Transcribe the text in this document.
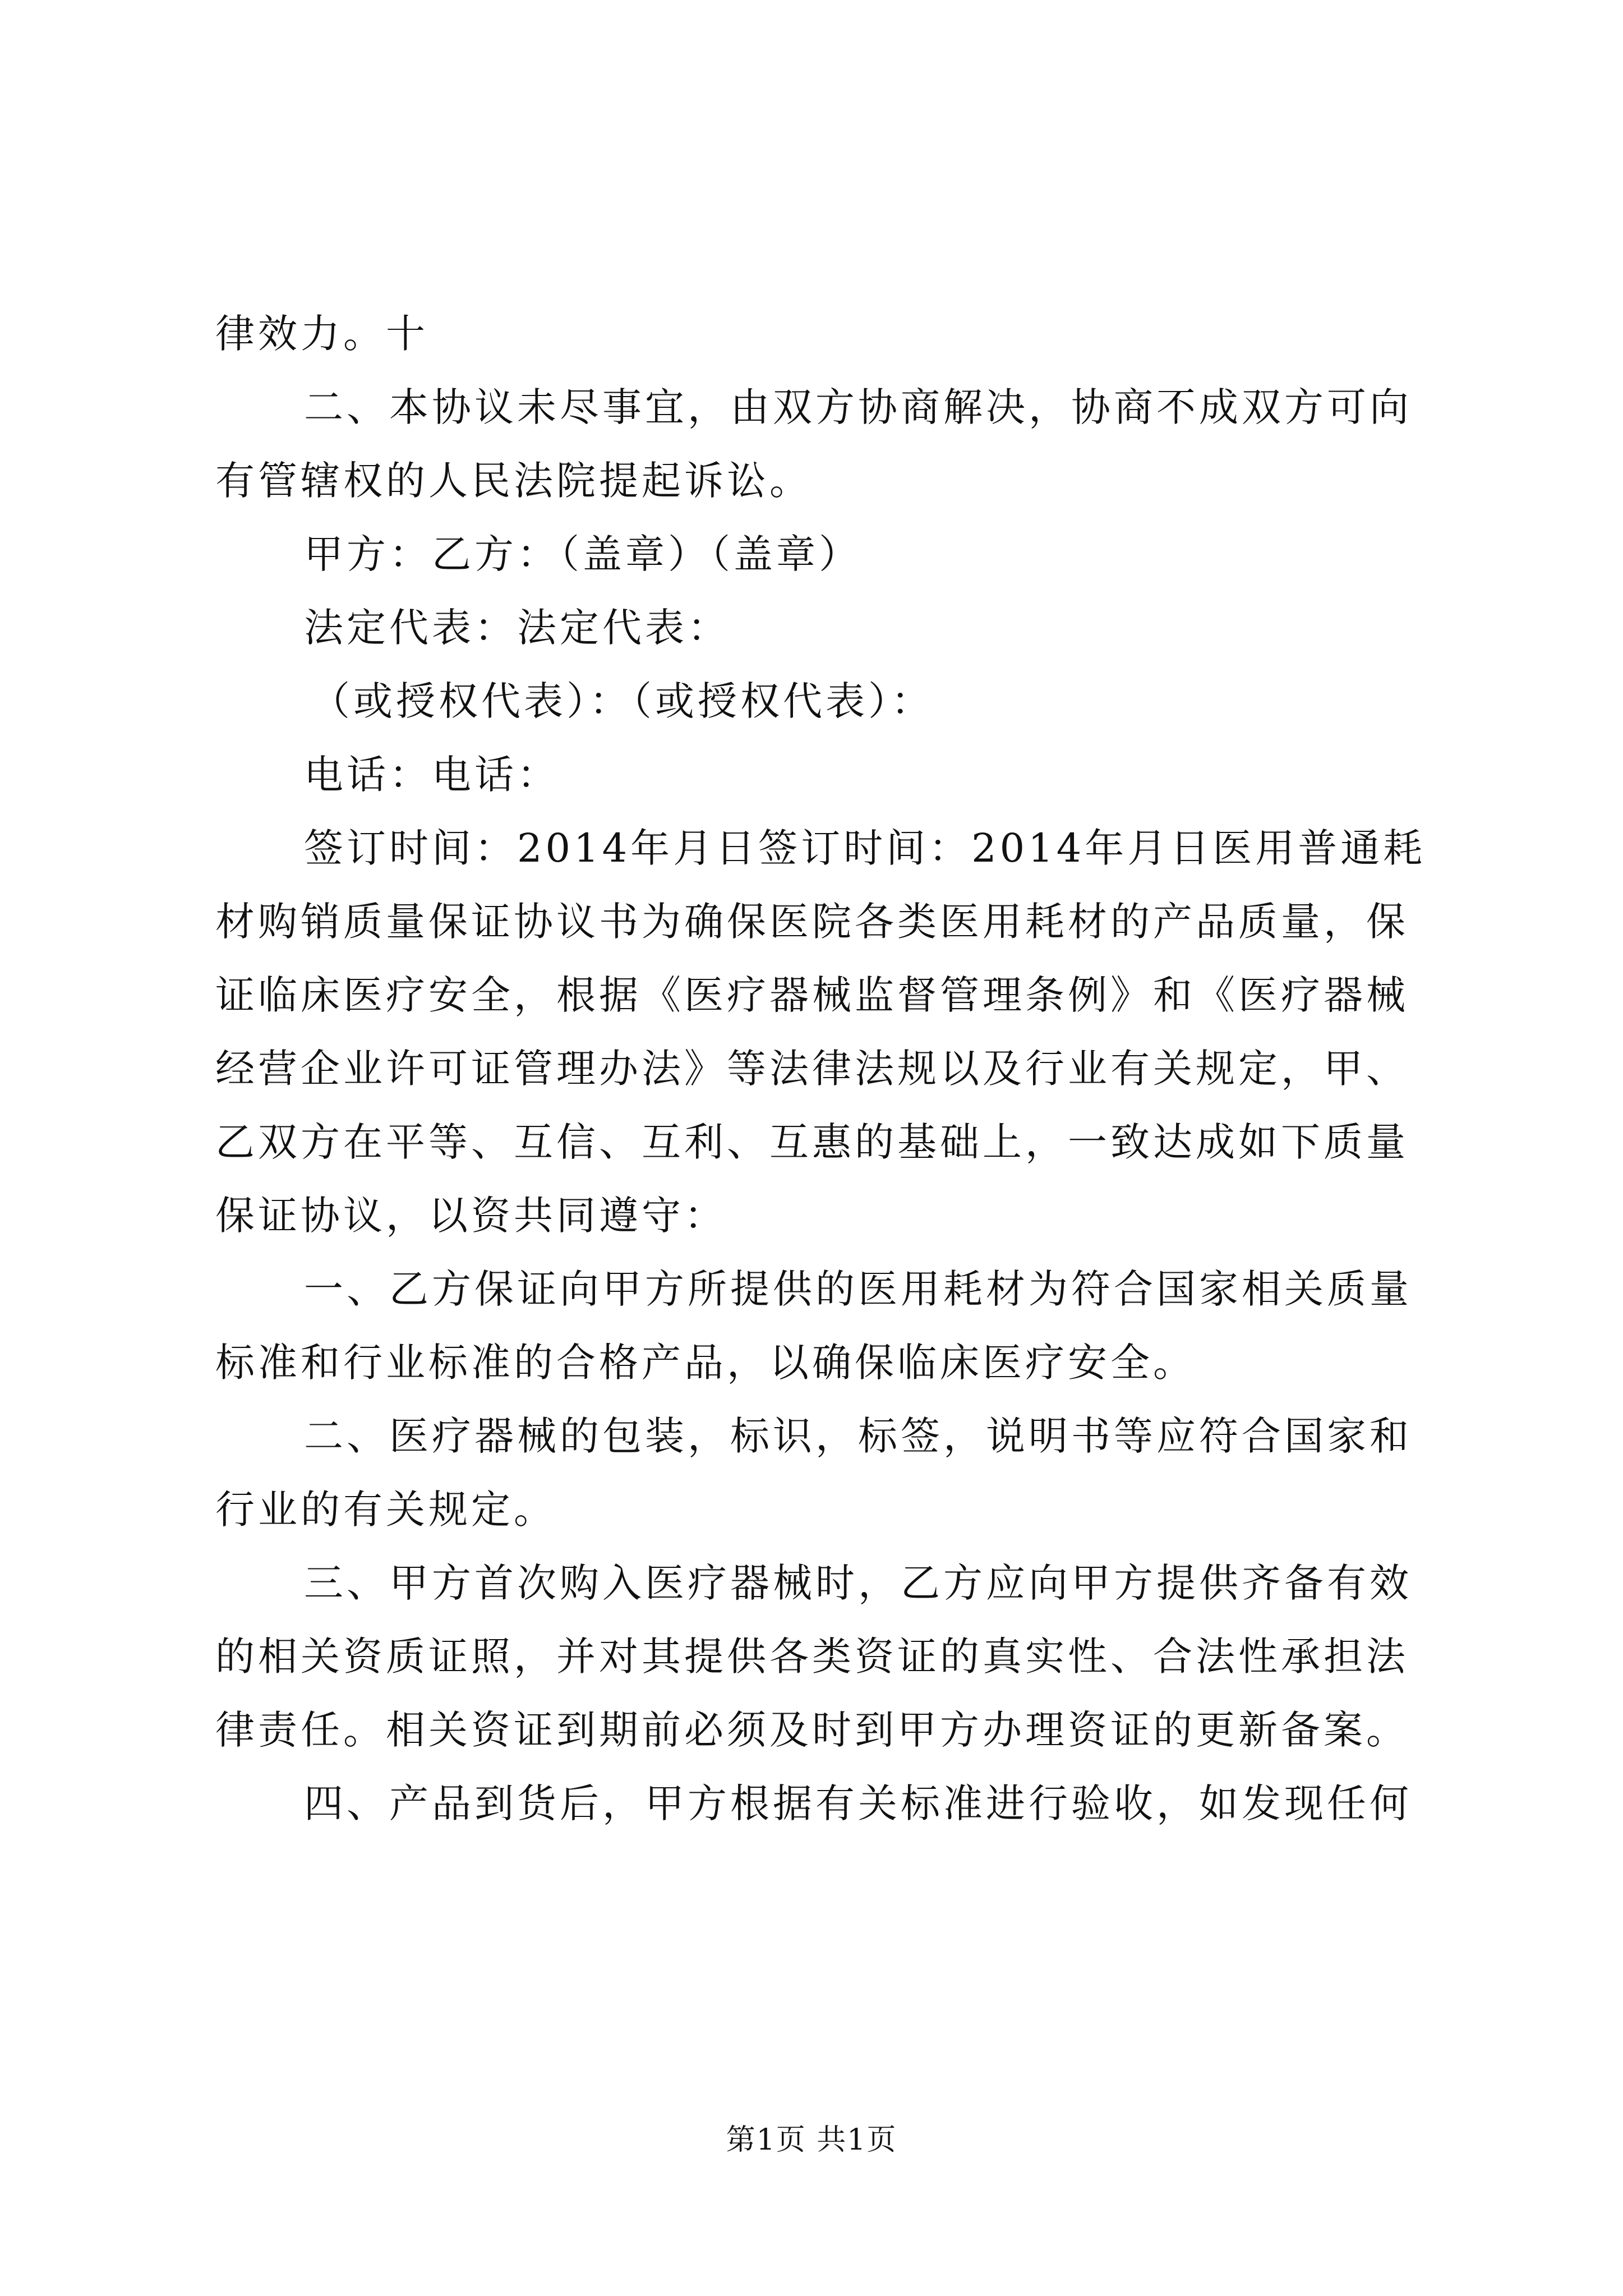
律效力。十
二、本协议未尽事宜，由双方协商解决，协商不成双方可向
有管辖权的人民法院提起诉讼。
甲方：乙方：（盖章）（盖章）
法定代表：法定代表：
（或授权代表）：（或授权代表）：
电话：电话：
签订时间：2014年月日签订时间：2014年月日医用普通耗
材购销质量保证协议书为确保医院各类医用耗材的产品质量，保
证临床医疗安全，根据《医疗器械监督管理条例》和《医疗器械
经营企业许可证管理办法》等法律法规以及行业有关规定，甲、
乙双方在平等、互信、互利、互惠的基础上，一致达成如下质量
保证协议，以资共同遵守：
一、乙方保证向甲方所提供的医用耗材为符合国家相关质量
标准和行业标准的合格产品，以确保临床医疗安全。
二、医疗器械的包装，标识，标签，说明书等应符合国家和
行业的有关规定。
三、甲方首次购入医疗器械时，乙方应向甲方提供齐备有效
的相关资质证照，并对其提供各类资证的真实性、合法性承担法
律责任。相关资证到期前必须及时到甲方办理资证的更新备案。
四、产品到货后，甲方根据有关标准进行验收，如发现任何
第1页 共1页
